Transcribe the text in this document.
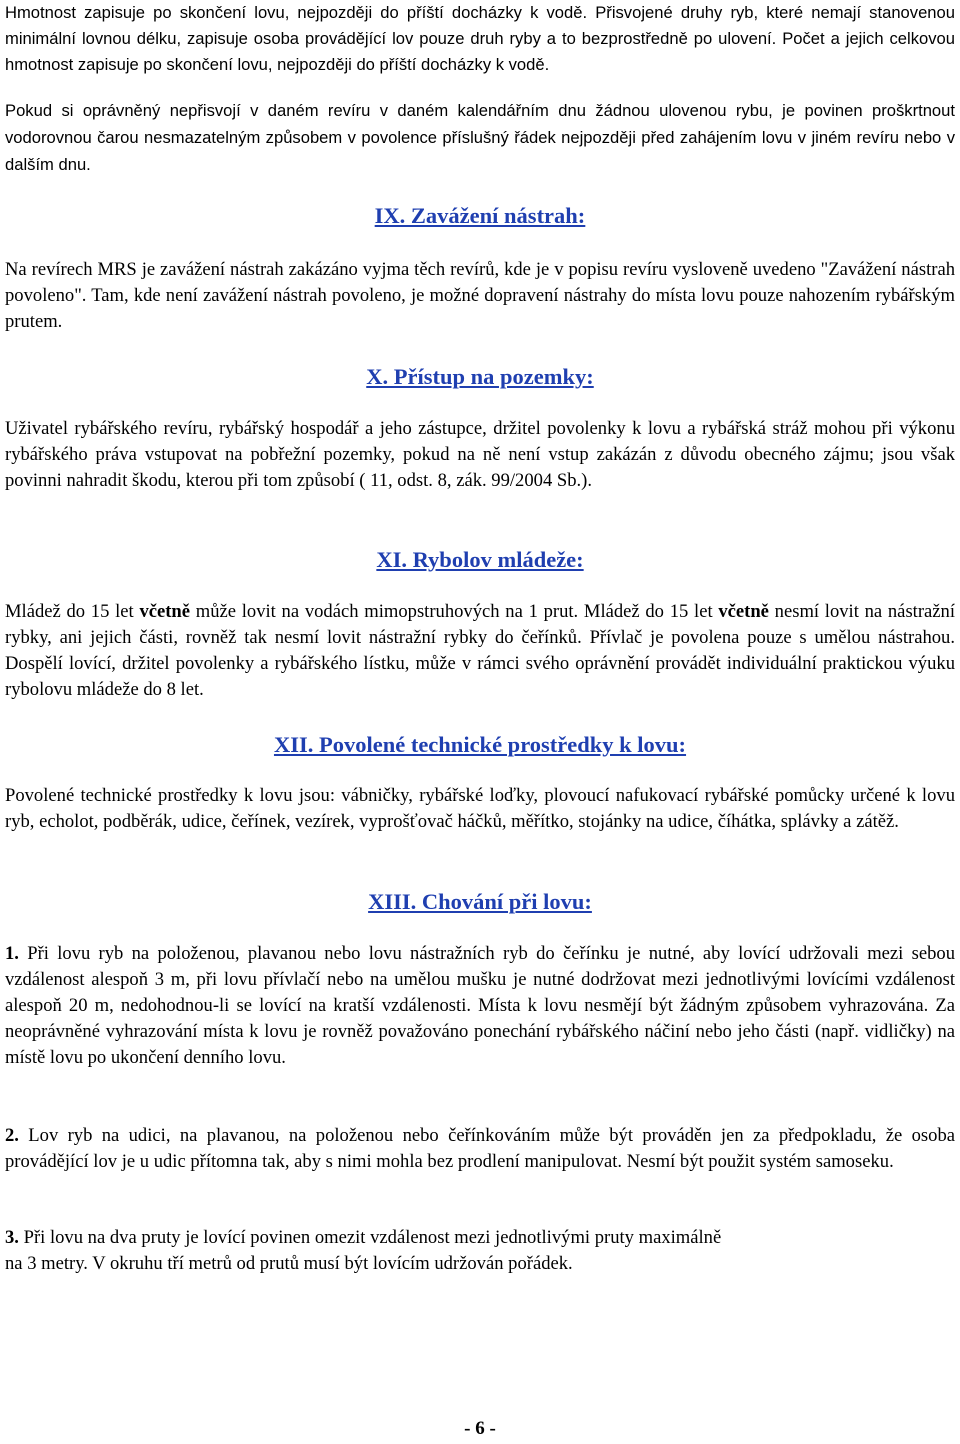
Hmotnost zapisuje po skončení lovu, nejpozději do příští docházky k vodě. Přisvojené druhy ryb, které nemají stanovenou minimální lovnou délku, zapisuje osoba provádějící lov pouze druh ryby a to bezprostředně po ulovení. Počet a jejich celkovou hmotnost zapisuje po skončení lovu, nejpozději do příští docházky k vodě.

Pokud si oprávněný nepřisvojí v daném revíru v daném kalendářním dnu žádnou ulovenou rybu, je povinen proškrtnout vodorovnou čarou nesmazatelným způsobem v povolence příslušný řádek nejpozději před zahájením lovu v jiném revíru nebo v dalším dnu.

IX. Zavážení nástrah:

Na revírech MRS je zavážení nástrah zakázáno vyjma těch revírů, kde je v popisu revíru vysloveně uvedeno "Zavážení nástrah povoleno". Tam, kde není zavážení nástrah povoleno, je možné dopravení nástrahy do místa lovu pouze nahozením rybářským prutem.

X. Přístup na pozemky:

Uživatel rybářského revíru, rybářský hospodář a jeho zástupce, držitel povolenky k lovu a rybářská stráž mohou při výkonu rybářského práva vstupovat na pobřežní pozemky, pokud na ně není vstup zakázán z důvodu obecného zájmu; jsou však povinni nahradit škodu, kterou při tom způsobí ( 11, odst. 8, zák. 99/2004 Sb.).

XI. Rybolov mládeže:

Mládež do 15 let včetně může lovit na vodách mimopstruhových na 1 prut. Mládež do 15 let včetně nesmí lovit na nástražní rybky, ani jejich části, rovněž tak nesmí lovit nástražní rybky do čeřínků. Přívlač je povolena pouze s umělou nástrahou. Dospělí lovící, držitel povolenky a rybářského lístku, může v rámci svého oprávnění provádět individuální praktickou výuku rybolovu mládeže do 8 let.

XII. Povolené technické prostředky k lovu:

Povolené technické prostředky k lovu jsou: vábničky, rybářské loďky, plovoucí nafukovací rybářské pomůcky určené k lovu ryb, echolot, podběrák, udice, čeřínek, vezírek, vyprošťovač háčků, měřítko, stojánky na udice, číhátka, splávky a zátěž.

XIII. Chování při lovu:

1. Při lovu ryb na položenou, plavanou nebo lovu nástražních ryb do čeřínku je nutné, aby lovící udržovali mezi sebou vzdálenost alespoň 3 m, při lovu přívlačí nebo na umělou mušku je nutné dodržovat mezi jednotlivými lovícími vzdálenost alespoň 20 m, nedohodnou-li se lovící na kratší vzdálenosti. Místa k lovu nesmějí být žádným způsobem vyhrazována. Za neoprávněné vyhrazování místa k lovu je rovněž považováno ponechání rybářského náčiní nebo jeho části (např. vidličky) na místě lovu po ukončení denního lovu.

2. Lov ryb na udici, na plavanou, na položenou nebo čeřínkováním může být prováděn jen za předpokladu, že osoba provádějící lov je u udic přítomna tak, aby s nimi mohla bez prodlení manipulovat. Nesmí být použit systém samoseku.

3. Při lovu na dva pruty je lovící povinen omezit vzdálenost mezi jednotlivými pruty maximálně
na 3 metry. V okruhu tří metrů od prutů musí být lovícím udržován pořádek.

- 6 -
